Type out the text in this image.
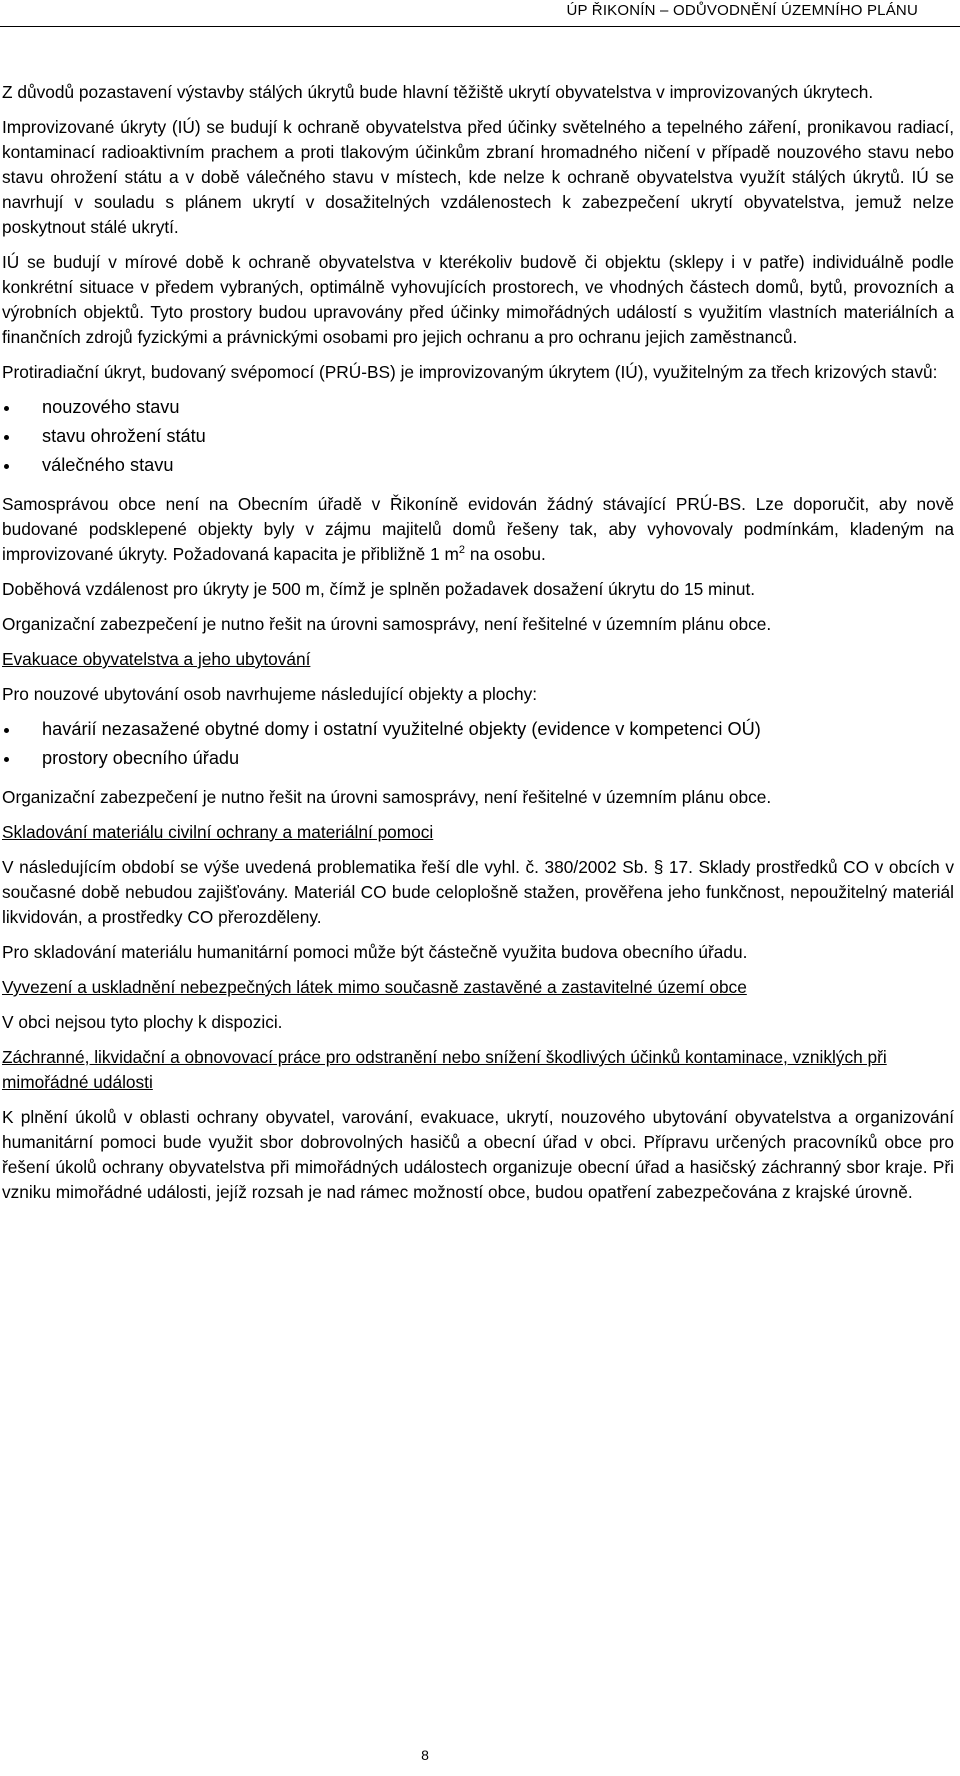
ÚP ŘIKONÍN – ODŮVODNĚNÍ ÚZEMNÍHO PLÁNU

Z důvodů pozastavení výstavby stálých úkrytů bude hlavní těžiště ukrytí obyvatelstva v improvizovaných úkrytech.

Improvizované úkryty (IÚ) se budují k ochraně obyvatelstva před účinky světelného a tepelného záření, pronikavou radiací, kontaminací radioaktivním prachem a proti tlakovým účinkům zbraní hromadného ničení v případě nouzového stavu nebo stavu ohrožení státu a v době válečného stavu v místech, kde nelze k ochraně obyvatelstva využít stálých úkrytů. IÚ se navrhují v souladu s plánem ukrytí v dosažitelných vzdálenostech k zabezpečení ukrytí obyvatelstva, jemuž nelze poskytnout stálé ukrytí.

IÚ se budují v mírové době k ochraně obyvatelstva v kterékoliv budově či objektu (sklepy i v patře) individuálně podle konkrétní situace v předem vybraných, optimálně vyhovujících prostorech, ve vhodných částech domů, bytů, provozních a výrobních objektů. Tyto prostory budou upravovány před účinky mimořádných událostí s využitím vlastních materiálních a finančních zdrojů fyzickými a právnickými osobami pro jejich ochranu a pro ochranu jejich zaměstnanců.

Protiradiační úkryt, budovaný svépomocí (PRÚ-BS) je improvizovaným úkrytem (IÚ), využitelným za třech krizových stavů:

nouzového stavu
stavu ohrožení státu
válečného stavu

Samosprávou obce není na Obecním úřadě v Řikoníně evidován žádný stávající PRÚ-BS. Lze doporučit, aby nově budované podsklepené objekty byly v zájmu majitelů domů řešeny tak, aby vyhovovaly podmínkám, kladeným na improvizované úkryty. Požadovaná kapacita je přibližně 1 $m^2$ na osobu.

Doběhová vzdálenost pro úkryty je 500 m, čímž je splněn požadavek dosažení úkrytu do 15 minut.

Organizační zabezpečení je nutno řešit na úrovni samosprávy, není řešitelné v územním plánu obce.

Evakuace obyvatelstva a jeho ubytování

Pro nouzové ubytování osob navrhujeme následující objekty a plochy:

havárií nezasažené obytné domy i ostatní využitelné objekty (evidence v kompetenci OÚ)
prostory obecního úřadu

Organizační zabezpečení je nutno řešit na úrovni samosprávy, není řešitelné v územním plánu obce.

Skladování materiálu civilní ochrany a materiální pomoci

V následujícím období se výše uvedená problematika řeší dle vyhl. č. 380/2002 Sb. § 17. Sklady prostředků CO v obcích v současné době nebudou zajišťovány. Materiál CO bude celoplošně stažen, prověřena jeho funkčnost, nepoužitelný materiál likvidován, a prostředky CO přerozděleny.

Pro skladování materiálu humanitární pomoci může být částečně využita budova obecního úřadu.

Vyvezení a uskladnění nebezpečných látek mimo současně zastavěné a zastavitelné území obce

V obci nejsou tyto plochy k dispozici.

Záchranné, likvidační a obnovovací práce pro odstranění nebo snížení škodlivých účinků kontaminace, vzniklých při mimořádné události

K plnění úkolů v oblasti ochrany obyvatel, varování, evakuace, ukrytí, nouzového ubytování obyvatelstva a organizování humanitární pomoci bude využit sbor dobrovolných hasičů a obecní úřad v obci. Přípravu určených pracovníků obce pro řešení úkolů ochrany obyvatelstva při mimořádných událostech organizuje obecní úřad a hasičský záchranný sbor kraje. Při vzniku mimořádné události, jejíž rozsah je nad rámec možností obce, budou opatření zabezpečována z krajské úrovně.

8
